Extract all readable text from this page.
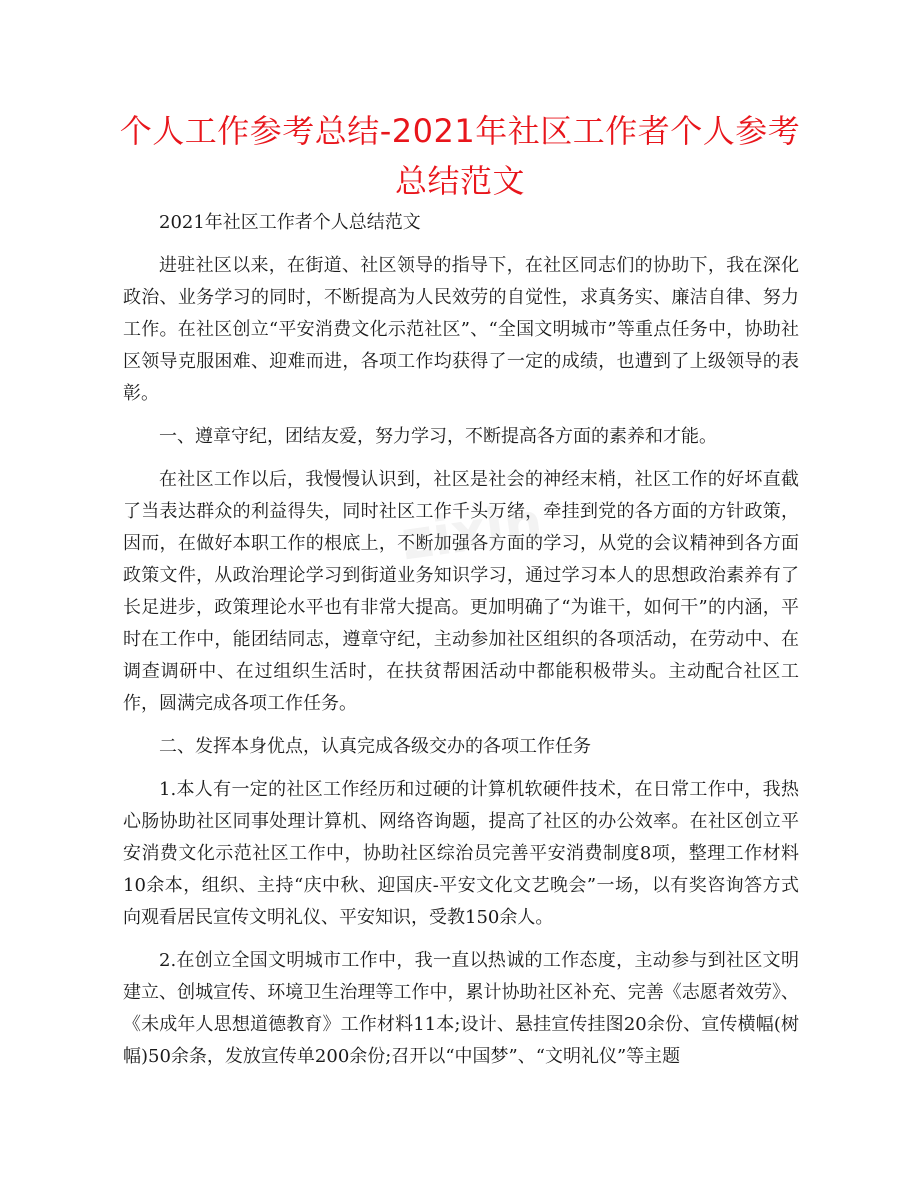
个人工作参考总结-2021年社区工作者个人参考总结范文

2021年社区工作者个人总结范文

进驻社区以来，在街道、社区领导的指导下，在社区同志们的协助下，我在深化政治、业务学习的同时，不断提高为人民效劳的自觉性，求真务实、廉洁自律、努力工作。在社区创立“平安消费文化示范社区”、“全国文明城市”等重点任务中，协助社区领导克服困难、迎难而进，各项工作均获得了一定的成绩，也遭到了上级领导的表彰。

一、遵章守纪，团结友爱，努力学习，不断提高各方面的素养和才能。

在社区工作以后，我慢慢认识到，社区是社会的神经末梢，社区工作的好坏直截了当表达群众的利益得失，同时社区工作千头万绪，牵挂到党的各方面的方针政策，因而，在做好本职工作的根底上，不断加强各方面的学习，从党的会议精神到各方面政策文件，从政治理论学习到街道业务知识学习，通过学习本人的思想政治素养有了长足进步，政策理论水平也有非常大提高。更加明确了“为谁干，如何干”的内涵，平时在工作中，能团结同志，遵章守纪，主动参加社区组织的各项活动，在劳动中、在调查调研中、在过组织生活时，在扶贫帮困活动中都能积极带头。主动配合社区工作，圆满完成各项工作任务。

二、发挥本身优点，认真完成各级交办的各项工作任务

1.本人有一定的社区工作经历和过硬的计算机软硬件技术，在日常工作中，我热心肠协助社区同事处理计算机、网络咨询题，提高了社区的办公效率。在社区创立平安消费文化示范社区工作中，协助社区综治员完善平安消费制度8项，整理工作材料10余本，组织、主持“庆中秋、迎国庆-平安文化文艺晚会”一场，以有奖咨询答方式向观看居民宣传文明礼仪、平安知识，受教150余人。

2.在创立全国文明城市工作中，我一直以热诚的工作态度，主动参与到社区文明建立、创城宣传、环境卫生治理等工作中，累计协助社区补充、完善《志愿者效劳》、《未成年人思想道德教育》工作材料11本;设计、悬挂宣传挂图20余份、宣传横幅(树幅)50余条，发放宣传单200余份;召开以“中国梦”、“文明礼仪”等主题

zixin
